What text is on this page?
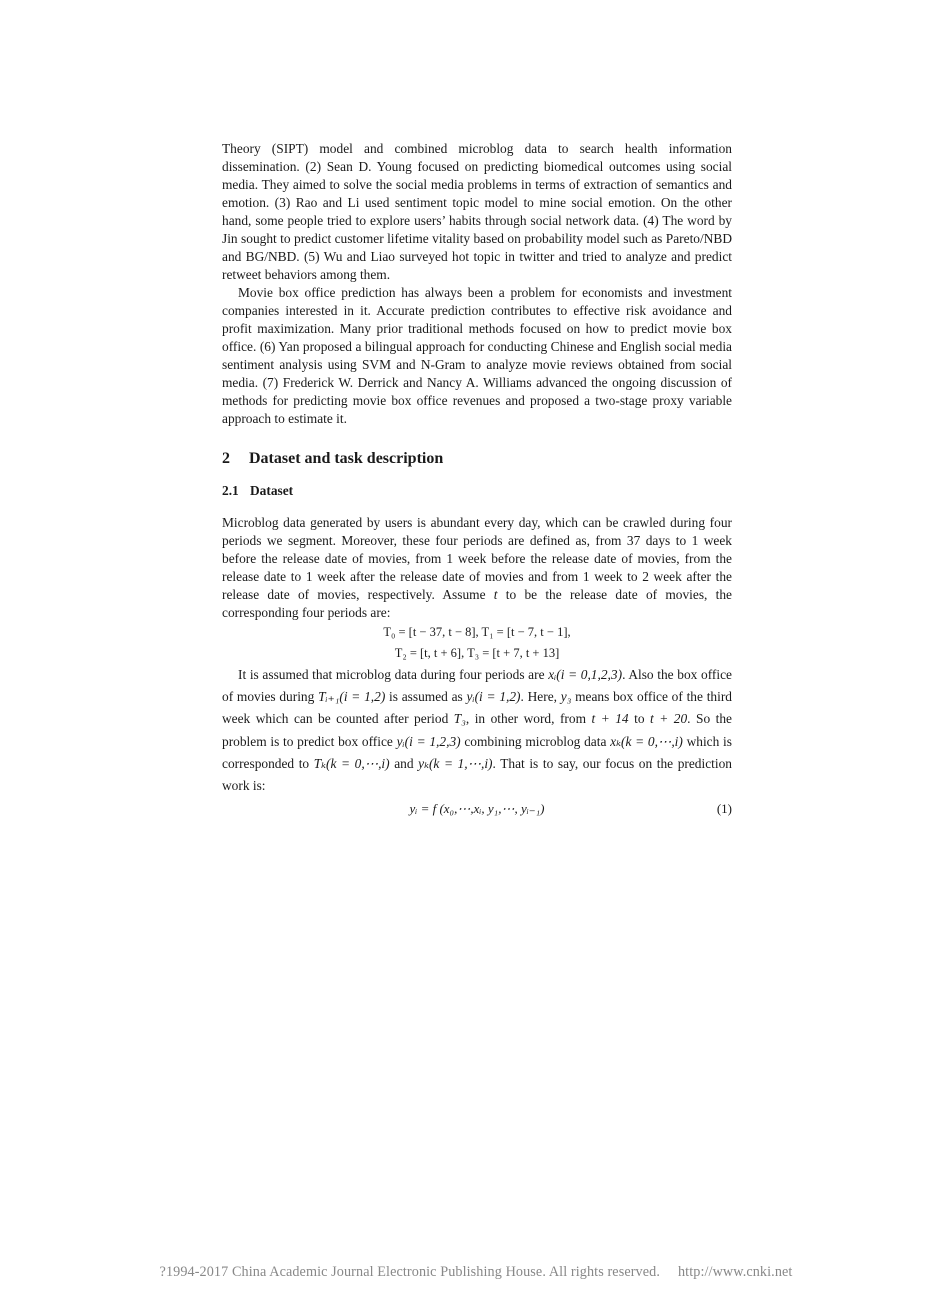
Theory (SIPT) model and combined microblog data to search health information dissemination. (2) Sean D. Young focused on predicting biomedical outcomes using social media. They aimed to solve the social media problems in terms of extraction of semantics and emotion. (3) Rao and Li used sentiment topic model to mine social emotion. On the other hand, some people tried to explore users’ habits through social network data. (4) The word by Jin sought to predict customer lifetime vitality based on probability model such as Pareto/NBD and BG/NBD. (5) Wu and Liao surveyed hot topic in twitter and tried to analyze and predict retweet behaviors among them.

Movie box office prediction has always been a problem for economists and investment companies interested in it. Accurate prediction contributes to effective risk avoidance and profit maximization. Many prior traditional methods focused on how to predict movie box office. (6) Yan proposed a bilingual approach for conducting Chinese and English social media sentiment analysis using SVM and N-Gram to analyze movie reviews obtained from social media. (7) Frederick W. Derrick and Nancy A. Williams advanced the ongoing discussion of methods for predicting movie box office revenues and proposed a two-stage proxy variable approach to estimate it.

2 Dataset and task description
2.1 Dataset

Microblog data generated by users is abundant every day, which can be crawled during four periods we segment. Moreover, these four periods are defined as, from 37 days to 1 week before the release date of movies, from 1 week before the release date of movies, from the release date to 1 week after the release date of movies and from 1 week to 2 week after the release date of movies, respectively. Assume t to be the release date of movies, the corresponding four periods are:

T₀ = [t − 37, t − 8], T₁ = [t − 7, t − 1],
T₂ = [t, t + 6], T₃ = [t + 7, t + 13]

It is assumed that microblog data during four periods are xᵢ(i = 0,1,2,3). Also the box office of movies during Tᵢ₊₁(i = 1,2) is assumed as yᵢ(i = 1,2). Here, y₃ means box office of the third week which can be counted after period T₃, in other word, from t + 14 to t + 20. So the problem is to predict box office yᵢ(i = 1,2,3) combining microblog data xₖ(k = 0,⋯,i) which is corresponded to Tₖ(k = 0,⋯,i) and yₖ(k = 1,⋯,i). That is to say, our focus on the prediction work is:

yᵢ = f (x₀,⋯,xᵢ, y₁,⋯, yᵢ₋₁)	(1)
?1994-2017 China Academic Journal Electronic Publishing House. All rights reserved. http://www.cnki.net
